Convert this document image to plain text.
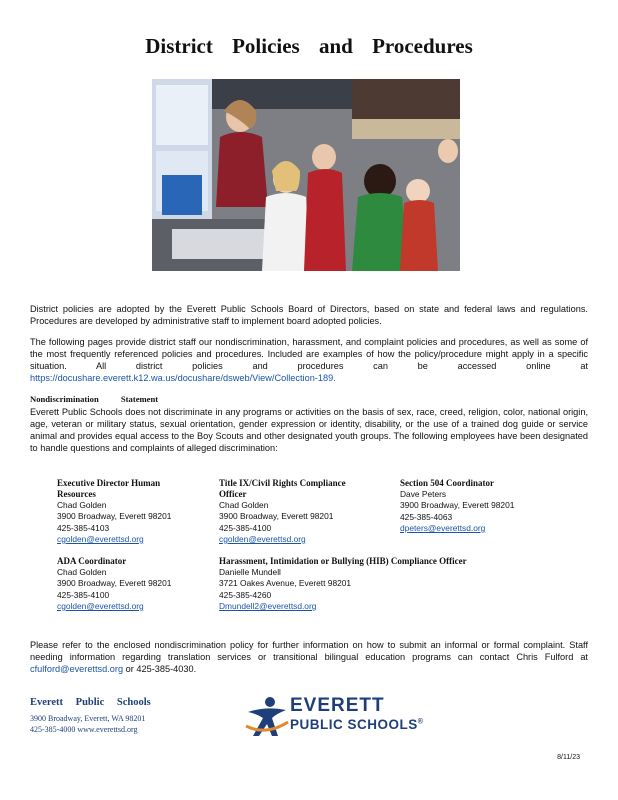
District Policies and Procedures
District policies are adopted by the Everett Public Schools Board of Directors, based on state and federal laws and regulations. Procedures are developed by administrative staff to implement board adopted policies.
The following pages provide district staff our nondiscrimination, harassment, and complaint policies and procedures, as well as some of the most frequently referenced policies and procedures. Included are examples of how the policy/procedure might apply in a specific situation. All district policies and procedures can be accessed online at https://docushare.everett.k12.wa.us/docushare/dsweb/View/Collection-189.
Nondiscrimination Statement
Everett Public Schools does not discriminate in any programs or activities on the basis of sex, race, creed, religion, color, national origin, age, veteran or military status, sexual orientation, gender expression or identity, disability, or the use of a trained dog guide or service animal and provides equal access to the Boy Scouts and other designated youth groups. The following employees have been designated to handle questions and complaints of alleged discrimination:
Executive Director Human Resources
Chad Golden
3900 Broadway, Everett 98201
425-385-4103
cgolden@everettsd.org
Title IX/Civil Rights Compliance Officer
Chad Golden
3900 Broadway, Everett 98201
425-385-4100
cgolden@everettsd.org
Section 504 Coordinator
Dave Peters
3900 Broadway, Everett 98201
425-385-4063
dpeters@everettsd.org
ADA Coordinator
Chad Golden
3900 Broadway, Everett 98201
425-385-4100
cgolden@everettsd.org
Harassment, Intimidation or Bullying (HIB) Compliance Officer
Danielle Mundell
3721 Oakes Avenue, Everett 98201
425-385-4260
Dmundell2@everettsd.org
Please refer to the enclosed nondiscrimination policy for further information on how to submit an informal or formal complaint. Staff needing information regarding translation services or transitional bilingual education programs can contact Chris Fulford at cfulford@everettsd.org or 425-385-4030.
Everett Public Schools
3900 Broadway, Everett, WA 98201
425-385-4000 www.everettsd.org
EVERETT
PUBLIC SCHOOLS®
8/11/23
